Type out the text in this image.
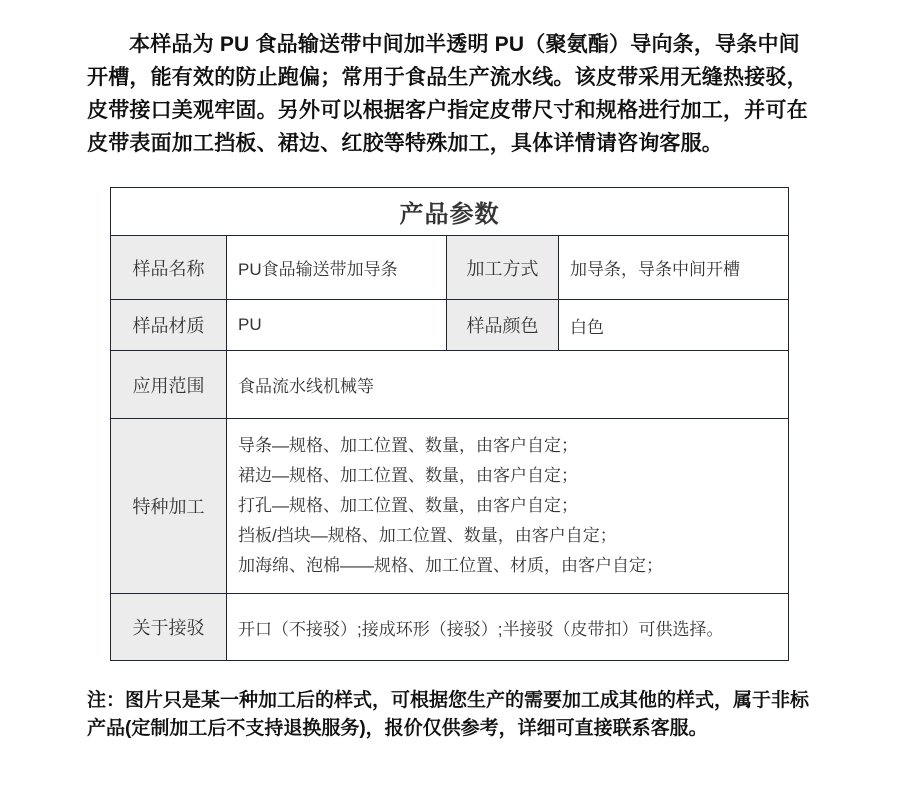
本样品为 PU 食品输送带中间加半透明 PU（聚氨酯）导向条，导条中间开槽，能有效的防止跑偏；常用于食品生产流水线。该皮带采用无缝热接驳，皮带接口美观牢固。另外可以根据客户指定皮带尺寸和规格进行加工，并可在皮带表面加工挡板、裙边、红胶等特殊加工，具体详情请咨询客服。

产品参数			
样品名称	PU食品输送带加导条	加工方式	加导条，导条中间开槽
样品材质	PU	样品颜色	白色
应用范围	食品流水线机械等		
特种加工	导条—规格、加工位置、数量，由客户自定；
裙边—规格、加工位置、数量，由客户自定；
打孔—规格、加工位置、数量，由客户自定；
挡板/挡块—规格、加工位置、数量，由客户自定；
加海绵、泡棉——规格、加工位置、材质，由客户自定；		

关于接驳	开口（不接驳）;接成环形（接驳）;半接驳（皮带扣）可供选择。		

注：图片只是某一种加工后的样式，可根据您生产的需要加工成其他的样式，属于非标产品(定制加工后不支持退换服务)，报价仅供参考，详细可直接联系客服。
